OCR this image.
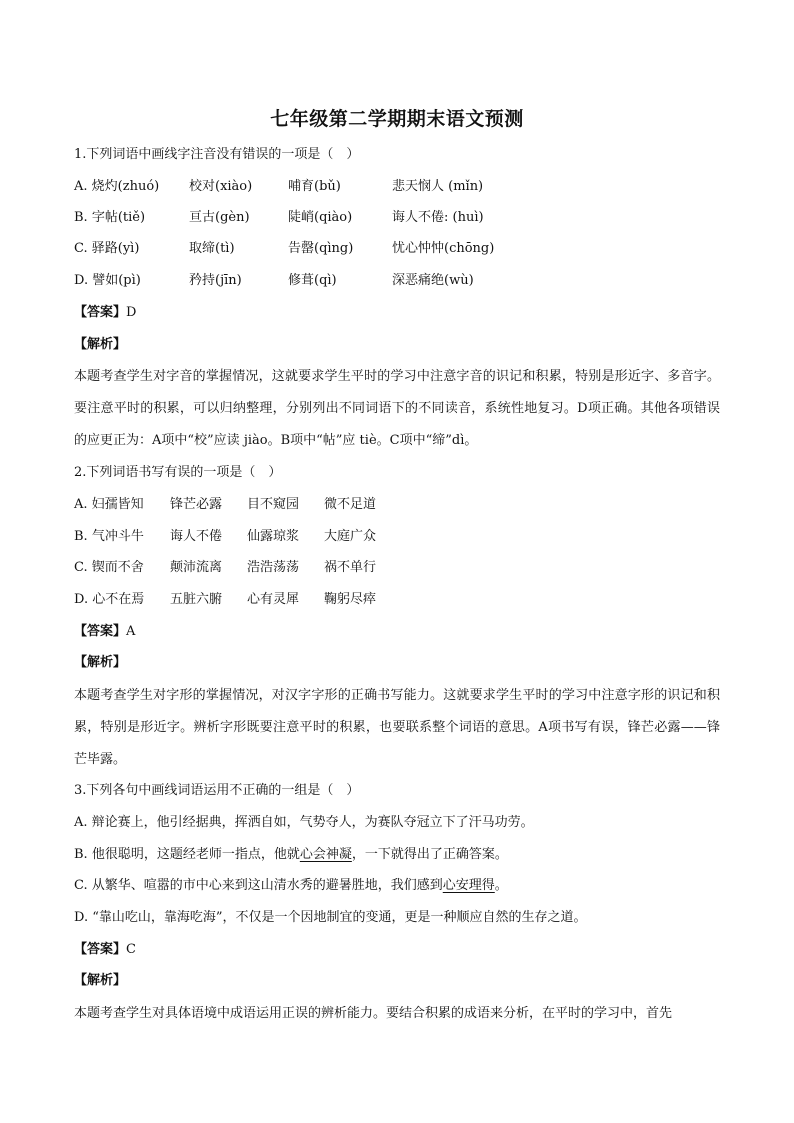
七年级第二学期期末语文预测
1.下列词语中画线字注音没有错误的一项是（　）
A. 烧灼(zhuó) 校对(xiào)	哺育(bǔ)	悲天悯人 (mǐn)
B. 字帖(tiě)	亘古(gèn)	陡峭(qiào)	诲人不倦: (huì)
C. 驿路(yì)	取缔(tì)	告罄(qìng)	忧心忡忡(chōng)
D. 譬如(pì)	矜持(jīn)	修葺(qì)	深恶痛绝(wù)
【答案】D
【解析】
本题考查学生对字音的掌握情况，这就要求学生平时的学习中注意字音的识记和积累，特别是形近字、多音字。要注意平时的积累，可以归纳整理，分别列出不同词语下的不同读音，系统性地复习。D项正确。其他各项错误的应更正为：A项中“校”应读 jiào。B项中“帖”应 tiè。C项中“缔”dì。
2.下列词语书写有误的一项是（　）
A. 妇孺皆知 锋芒必露 目不窥园 微不足道
B. 气冲斗牛 诲人不倦 仙露琼浆 大庭广众
C. 锲而不舍 颠沛流离 浩浩荡荡 祸不单行
D. 心不在焉 五脏六腑 心有灵犀 鞠躬尽瘁
【答案】A
【解析】
本题考查学生对字形的掌握情况，对汉字字形的正确书写能力。这就要求学生平时的学习中注意字形的识记和积累，特别是形近字。辨析字形既要注意平时的积累，也要联系整个词语的意思。A项书写有误，锋芒必露——锋芒毕露。
3.下列各句中画线词语运用不正确的一组是（　）
A. 辩论赛上，他引经据典，挥洒自如，气势夺人，为赛队夺冠立下了汗马功劳。
B. 他很聪明，这题经老师一指点，他就心会神凝，一下就得出了正确答案。
C. 从繁华、喧嚣的市中心来到这山清水秀的避暑胜地，我们感到心安理得。
D. “靠山吃山，靠海吃海”，不仅是一个因地制宜的变通，更是一种顺应自然的生存之道。
【答案】C
【解析】
本题考查学生对具体语境中成语运用正误的辨析能力。要结合积累的成语来分析，在平时的学习中，首先
